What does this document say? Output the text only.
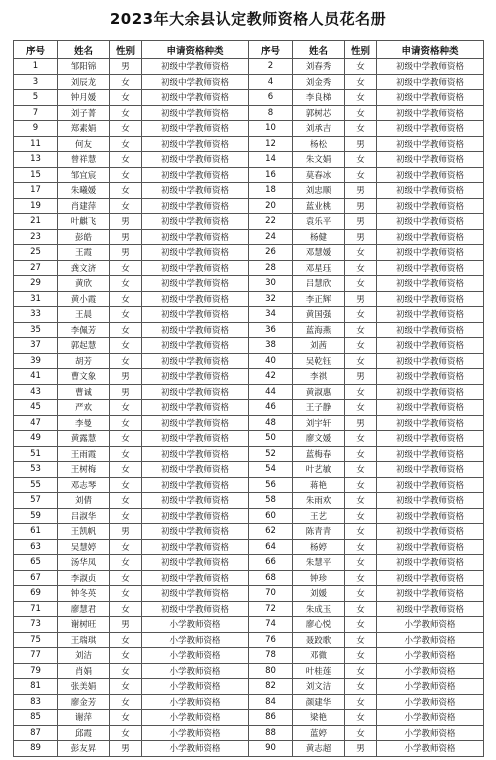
2023年大余县认定教师资格人员花名册
序号	姓名	性别	申请资格种类	序号	姓名	性别	申请资格种类
1	邹阳锦	男	初级中学教师资格	2	刘春秀	女	初级中学教师资格
3	刘辰龙	女	初级中学教师资格	4	刘金秀	女	初级中学教师资格
5	钟月媛	女	初级中学教师资格	6	李良梯	女	初级中学教师资格
7	刘子菁	女	初级中学教师资格	8	郭树芯	女	初级中学教师资格
9	郑素娟	女	初级中学教师资格	10	刘承吉	女	初级中学教师资格
11	何友	女	初级中学教师资格	12	杨松	男	初级中学教师资格
13	曾祥慧	女	初级中学教师资格	14	朱文娟	女	初级中学教师资格
15	邹宜宸	女	初级中学教师资格	16	莫春冰	女	初级中学教师资格
17	朱曦媛	女	初级中学教师资格	18	刘忠顺	男	初级中学教师资格
19	肖建萍	女	初级中学教师资格	20	蓝业桃	男	初级中学教师资格
21	叶麒飞	男	初级中学教师资格	22	袁乐平	男	初级中学教师资格
23	彭皓	男	初级中学教师资格	24	杨健	男	初级中学教师资格
25	王霞	男	初级中学教师资格	26	邓慧媛	女	初级中学教师资格
27	龚文济	女	初级中学教师资格	28	邓星珏	女	初级中学教师资格
29	黄欣	女	初级中学教师资格	30	吕慧欣	女	初级中学教师资格
31	黄小霞	女	初级中学教师资格	32	李正辉	男	初级中学教师资格
33	王晨	女	初级中学教师资格	34	黄国强	女	初级中学教师资格
35	李佩芳	女	初级中学教师资格	36	蓝海燕	女	初级中学教师资格
37	郭起慧	女	初级中学教师资格	38	刘茜	女	初级中学教师资格
39	胡芳	女	初级中学教师资格	40	吴乾钰	女	初级中学教师资格
41	曹文象	男	初级中学教师资格	42	李祺	男	初级中学教师资格
43	曹诚	男	初级中学教师资格	44	黄淑惠	女	初级中学教师资格
45	严欢	女	初级中学教师资格	46	王子静	女	初级中学教师资格
47	李曼	女	初级中学教师资格	48	刘宇轩	男	初级中学教师资格
49	黄露慧	女	初级中学教师资格	50	廖文媛	女	初级中学教师资格
51	王雨霞	女	初级中学教师资格	52	蓝梅春	女	初级中学教师资格
53	王树梅	女	初级中学教师资格	54	叶艺敏	女	初级中学教师资格
55	邓志琴	女	初级中学教师资格	56	蒋艳	女	初级中学教师资格
57	刘倩	女	初级中学教师资格	58	朱雨欢	女	初级中学教师资格
59	吕淑华	女	初级中学教师资格	60	王艺	女	初级中学教师资格
61	王凯帆	男	初级中学教师资格	62	陈青青	女	初级中学教师资格
63	吴慧婷	女	初级中学教师资格	64	杨婷	女	初级中学教师资格
65	汤华凤	女	初级中学教师资格	66	朱慧平	女	初级中学教师资格
67	李淑贞	女	初级中学教师资格	68	钟珍	女	初级中学教师资格
69	钟冬英	女	初级中学教师资格	70	刘媛	女	初级中学教师资格
71	廖慧君	女	初级中学教师资格	72	朱成玉	女	初级中学教师资格
73	谢树旺	男	小学教师资格	74	廖心悦	女	小学教师资格
75	王瑞琪	女	小学教师资格	76	聂跤歌	女	小学教师资格
77	刘洁	女	小学教师资格	78	邓微	女	小学教师资格
79	肖娟	女	小学教师资格	80	叶桂莲	女	小学教师资格
81	张美娟	女	小学教师资格	82	刘文洁	女	小学教师资格
83	廖金芳	女	小学教师资格	84	颜建华	女	小学教师资格
85	谢萍	女	小学教师资格	86	梁艳	女	小学教师资格
87	邱霞	女	小学教师资格	88	蓝婷	女	小学教师资格
89	彭友昇	男	小学教师资格	90	黄志超	男	小学教师资格
